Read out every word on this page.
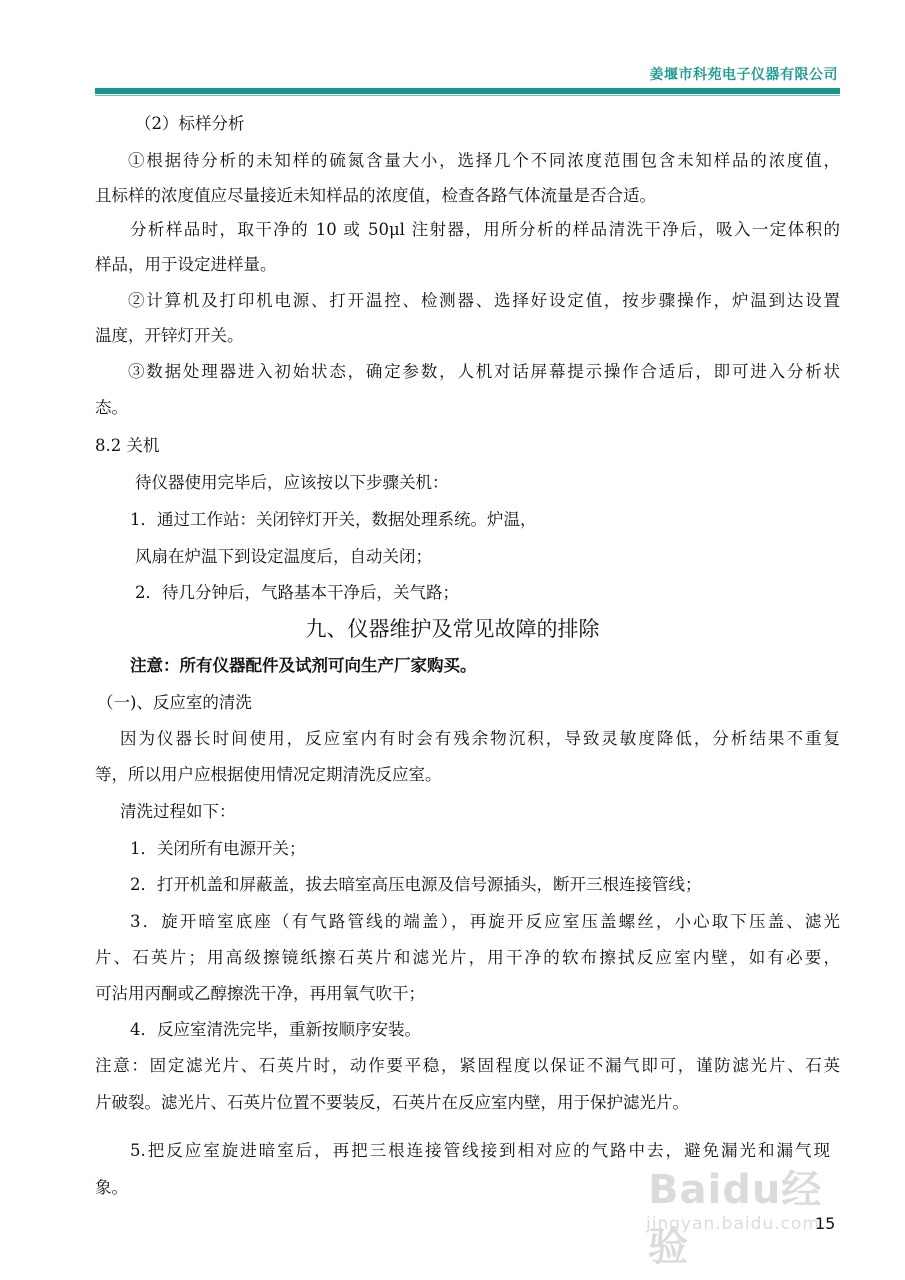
姜堰市科苑电子仪器有限公司
（2）标样分析
①根据待分析的未知样的硫氮含量大小，选择几个不同浓度范围包含未知样品的浓度值，
且标样的浓度值应尽量接近未知样品的浓度值，检查各路气体流量是否合适。
分析样品时，取干净的 10 或 50μl 注射器，用所分析的样品清洗干净后，吸入一定体积的
样品，用于设定进样量。
②计算机及打印机电源、打开温控、检测器、选择好设定值，按步骤操作，炉温到达设置
温度，开锌灯开关。
③数据处理器进入初始状态，确定参数，人机对话屏幕提示操作合适后，即可进入分析状
态。
8.2 关机
待仪器使用完毕后，应该按以下步骤关机：
1．通过工作站：关闭锌灯开关，数据处理系统。炉温，
风扇在炉温下到设定温度后，自动关闭；
2．待几分钟后，气路基本干净后，关气路；
九、仪器维护及常见故障的排除
注意：所有仪器配件及试剂可向生产厂家购买。
（一)、反应室的清洗
因为仪器长时间使用，反应室内有时会有残余物沉积，导致灵敏度降低，分析结果不重复
等，所以用户应根据使用情况定期清洗反应室。
清洗过程如下：
1．关闭所有电源开关；
2．打开机盖和屏蔽盖，拔去暗室高压电源及信号源插头，断开三根连接管线；
3．旋开暗室底座（有气路管线的端盖），再旋开反应室压盖螺丝，小心取下压盖、滤光
片、石英片；用高级擦镜纸擦石英片和滤光片，用干净的软布擦拭反应室内壁，如有必要，
可沾用丙酮或乙醇擦洗干净，再用氧气吹干；
4．反应室清洗完毕，重新按顺序安装。
注意：固定滤光片、石英片时，动作要平稳，紧固程度以保证不漏气即可，谨防滤光片、石英
片破裂。滤光片、石英片位置不要装反，石英片在反应室内壁，用于保护滤光片。
5.把反应室旋进暗室后，再把三根连接管线接到相对应的气路中去，避免漏光和漏气现
象。	Baidu经验
jingyan.baidu.com
15
